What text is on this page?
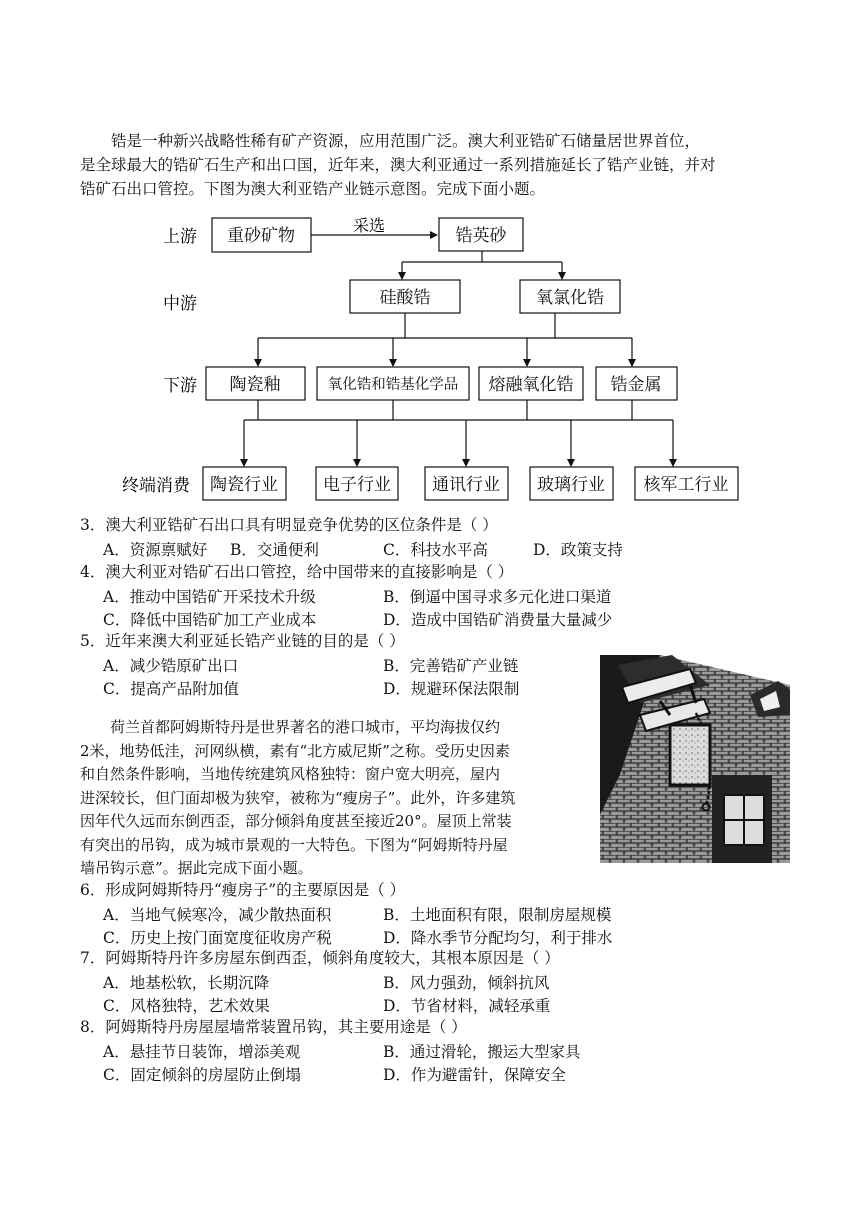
锆是一种新兴战略性稀有矿产资源，应用范围广泛。澳大利亚锆矿石储量居世界首位，

是全球最大的锆矿石生产和出口国，近年来，澳大利亚通过一系列措施延长了锆产业链，并对

锆矿石出口管控。下图为澳大利亚锆产业链示意图。完成下面小题。

上游
中游
下游
终端消费
采选
重砂矿物	锆英砂
硅酸锆	氧氯化锆
陶瓷釉	氧化锆和锆基化学品 熔融氧化锆 锆金属
陶瓷行业	电子行业 通讯行业 玻璃行业 核军工行业
3．澳大利亚锆矿石出口具有明显竞争优势的区位条件是（ ）
A．资源禀赋好 B．交通便利	C．科技水平高	D．政策支持
4．澳大利亚对锆矿石出口管控，给中国带来的直接影响是（ ）
A．推动中国锆矿开采技术升级	B．倒逼中国寻求多元化进口渠道
C．降低中国锆矿加工产业成本	D．造成中国锆矿消费量大量减少
5．近年来澳大利亚延长锆产业链的目的是（ ）
A．减少锆原矿出口	B．完善锆矿产业链
C．提高产品附加值	D．规避环保法限制

荷兰首都阿姆斯特丹是世界著名的港口城市，平均海拔仅约

2米，地势低洼，河网纵横，素有“北方威尼斯”之称。受历史因素

和自然条件影响，当地传统建筑风格独特：窗户宽大明亮，屋内

进深较长，但门面却极为狭窄，被称为“瘦房子”。此外，许多建筑

因年代久远而东倒西歪，部分倾斜角度甚至接近20°。屋顶上常装

有突出的吊钩，成为城市景观的一大特色。下图为“阿姆斯特丹屋

墙吊钩示意”。据此完成下面小题。

6．形成阿姆斯特丹“瘦房子”的主要原因是（ ）
A．当地气候寒冷，减少散热面积	B．土地面积有限，限制房屋规模
C．历史上按门面宽度征收房产税	D．降水季节分配均匀，利于排水
7．阿姆斯特丹许多房屋东倒西歪，倾斜角度较大，其根本原因是（ ）
A．地基松软，长期沉降	B．风力强劲，倾斜抗风
C．风格独特，艺术效果	D．节省材料，减轻承重
8．阿姆斯特丹房屋屋墙常装置吊钩，其主要用途是（ ）
A．悬挂节日装饰，增添美观	B．通过滑轮，搬运大型家具
C．固定倾斜的房屋防止倒塌	D．作为避雷针，保障安全
